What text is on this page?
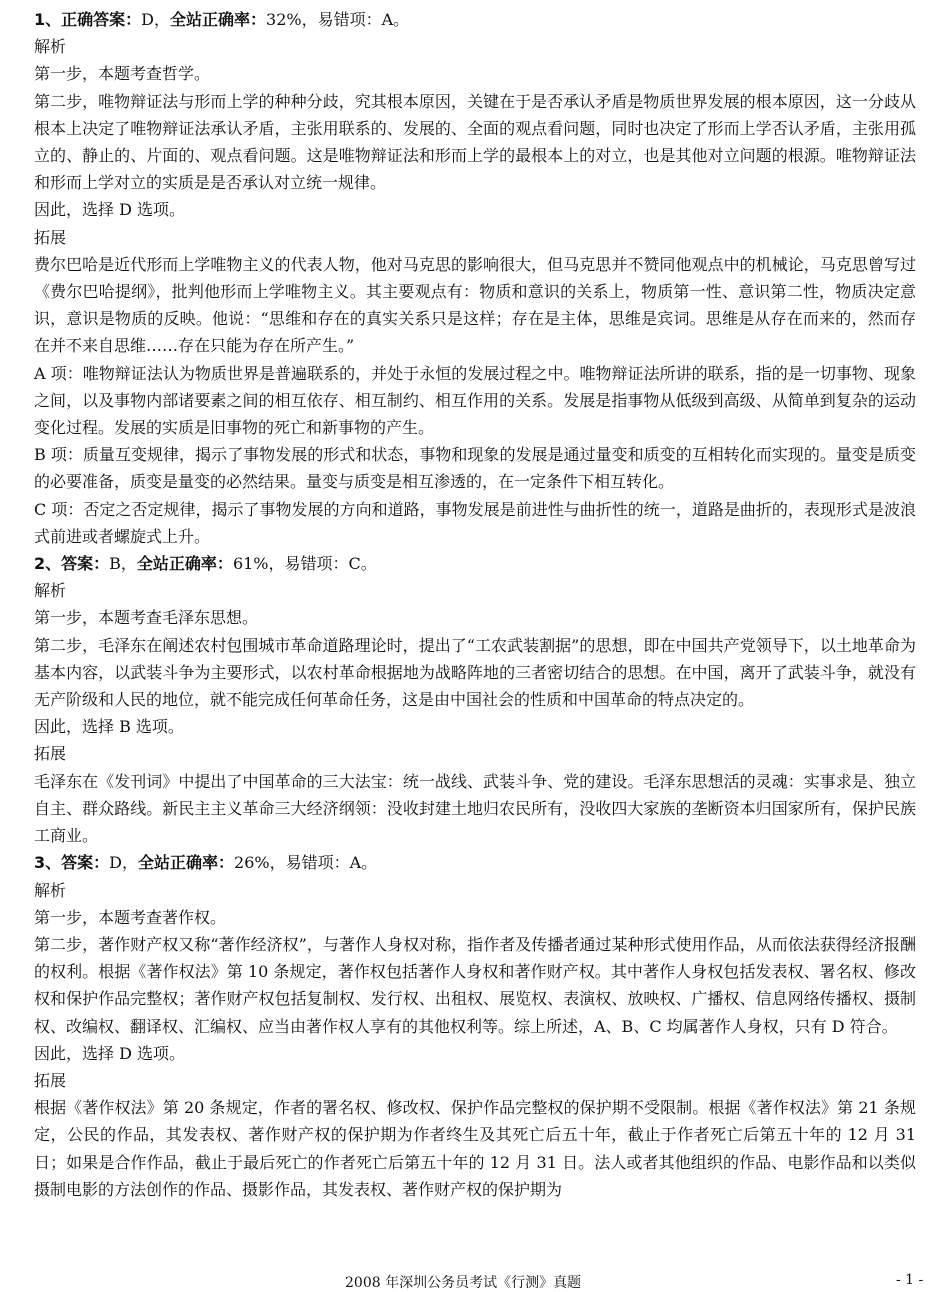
1、正确答案：D，全站正确率：32%，易错项：A。

解析

第一步，本题考查哲学。

第二步，唯物辩证法与形而上学的种种分歧，究其根本原因，关键在于是否承认矛盾是物质世界发展的根本原因，这一分歧从根本上决定了唯物辩证法承认矛盾，主张用联系的、发展的、全面的观点看问题，同时也决定了形而上学否认矛盾，主张用孤立的、静止的、片面的、观点看问题。这是唯物辩证法和形而上学的最根本上的对立，也是其他对立问题的根源。唯物辩证法和形而上学对立的实质是是否承认对立统一规律。

因此，选择 D 选项。

拓展

费尔巴哈是近代形而上学唯物主义的代表人物，他对马克思的影响很大，但马克思并不赞同他观点中的机械论，马克思曾写过《费尔巴哈提纲》，批判他形而上学唯物主义。其主要观点有：物质和意识的关系上，物质第一性、意识第二性，物质决定意识，意识是物质的反映。他说：“思维和存在的真实关系只是这样；存在是主体，思维是宾词。思维是从存在而来的，然而存在并不来自思维……存在只能为存在所产生。”

A 项：唯物辩证法认为物质世界是普遍联系的，并处于永恒的发展过程之中。唯物辩证法所讲的联系，指的是一切事物、现象之间，以及事物内部诸要素之间的相互依存、相互制约、相互作用的关系。发展是指事物从低级到高级、从简单到复杂的运动变化过程。发展的实质是旧事物的死亡和新事物的产生。

B 项：质量互变规律，揭示了事物发展的形式和状态，事物和现象的发展是通过量变和质变的互相转化而实现的。量变是质变的必要准备，质变是量变的必然结果。量变与质变是相互渗透的，在一定条件下相互转化。

C 项：否定之否定规律，揭示了事物发展的方向和道路，事物发展是前进性与曲折性的统一，道路是曲折的，表现形式是波浪式前进或者螺旋式上升。

2、答案：B，全站正确率：61%，易错项：C。

解析

第一步，本题考查毛泽东思想。

第二步，毛泽东在阐述农村包围城市革命道路理论时，提出了“工农武装割据”的思想，即在中国共产党领导下，以土地革命为基本内容，以武装斗争为主要形式，以农村革命根据地为战略阵地的三者密切结合的思想。在中国，离开了武装斗争，就没有无产阶级和人民的地位，就不能完成任何革命任务，这是由中国社会的性质和中国革命的特点决定的。

因此，选择 B 选项。

拓展

毛泽东在《发刊词》中提出了中国革命的三大法宝：统一战线、武装斗争、党的建设。毛泽东思想活的灵魂：实事求是、独立自主、群众路线。新民主主义革命三大经济纲领：没收封建土地归农民所有，没收四大家族的垄断资本归国家所有，保护民族工商业。

3、答案：D，全站正确率：26%，易错项：A。

解析

第一步，本题考查著作权。

第二步，著作财产权又称“著作经济权”，与著作人身权对称，指作者及传播者通过某种形式使用作品，从而依法获得经济报酬的权利。根据《著作权法》第 10 条规定，著作权包括著作人身权和著作财产权。其中著作人身权包括发表权、署名权、修改权和保护作品完整权；著作财产权包括复制权、发行权、出租权、展览权、表演权、放映权、广播权、信息网络传播权、摄制权、改编权、翻译权、汇编权、应当由著作权人享有的其他权利等。综上所述，A、B、C 均属著作人身权，只有 D 符合。

因此，选择 D 选项。

拓展

根据《著作权法》第 20 条规定，作者的署名权、修改权、保护作品完整权的保护期不受限制。根据《著作权法》第 21 条规定，公民的作品，其发表权、著作财产权的保护期为作者终生及其死亡后五十年，截止于作者死亡后第五十年的 12 月 31 日；如果是合作作品，截止于最后死亡的作者死亡后第五十年的 12 月 31 日。法人或者其他组织的作品、电影作品和以类似摄制电影的方法创作的作品、摄影作品，其发表权、著作财产权的保护期为

2008 年深圳公务员考试《行测》真题	- 1 -
